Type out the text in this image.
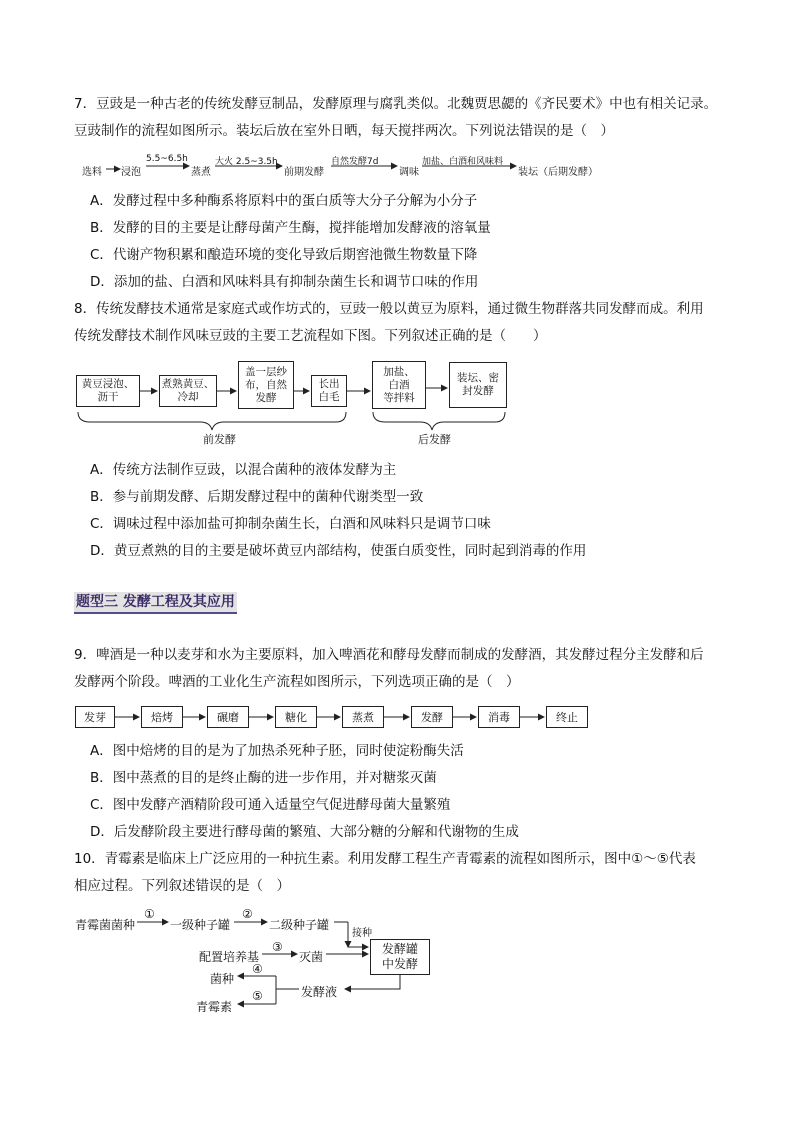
7．豆豉是一种古老的传统发酵豆制品，发酵原理与腐乳类似。北魏贾思勰的《齐民要术》中也有相关记录。
豆豉制作的流程如图所示。装坛后放在室外日晒，每天搅拌两次。下列说法错误的是（　）
选料 浸泡
5.5~6.5h
蒸煮
大火 2.5~3.5h
前期发酵
自然发酵7d
调味
加盐、白酒和风味料
装坛（后期发酵）
A．发酵过程中多种酶系将原料中的蛋白质等大分子分解为小分子
B．发酵的目的主要是让酵母菌产生酶，搅拌能增加发酵液的溶氧量
C．代谢产物积累和酿造环境的变化导致后期窖池微生物数量下降
D．添加的盐、白酒和风味料具有抑制杂菌生长和调节口味的作用
8．传统发酵技术通常是家庭式或作坊式的，豆豉一般以黄豆为原料，通过微生物群落共同发酵而成。利用
传统发酵技术制作风味豆豉的主要工艺流程如下图。下列叙述正确的是（　　）
黄豆浸泡、
沥干
煮熟黄豆、
冷却
盖一层纱
布，自然
发酵
长出
白毛
加盐、
白酒
等拌料
装坛、密
封发酵
前发酵	后发酵
A．传统方法制作豆豉，以混合菌种的液体发酵为主
B．参与前期发酵、后期发酵过程中的菌种代谢类型一致
C．调味过程中添加盐可抑制杂菌生长，白酒和风味料只是调节口味
D．黄豆煮熟的目的主要是破坏黄豆内部结构，使蛋白质变性，同时起到消毒的作用
题型三 发酵工程及其应用
9．啤酒是一种以麦芽和水为主要原料，加入啤酒花和酵母发酵而制成的发酵酒，其发酵过程分主发酵和后
发酵两个阶段。啤酒的工业化生产流程如图所示，下列选项正确的是（　）
发芽	焙烤	碾磨	糖化	蒸煮	发酵	消毒	终止
A．图中焙烤的目的是为了加热杀死种子胚，同时使淀粉酶失活
B．图中蒸煮的目的是终止酶的进一步作用，并对糖浆灭菌
C．图中发酵产酒精阶段可通入适量空气促进酵母菌大量繁殖
D．后发酵阶段主要进行酵母菌的繁殖、大部分糖的分解和代谢物的生成
10．青霉素是临床上广泛应用的一种抗生素。利用发酵工程生产青霉素的流程如图所示，图中①～⑤代表
相应过程。下列叙述错误的是（　）
青霉菌菌种
①
一级种子罐
②
二级种子罐
接种
配置培养基
③
灭菌
发酵罐
中发酵
发酵液
④
菌种
⑤
青霉素
